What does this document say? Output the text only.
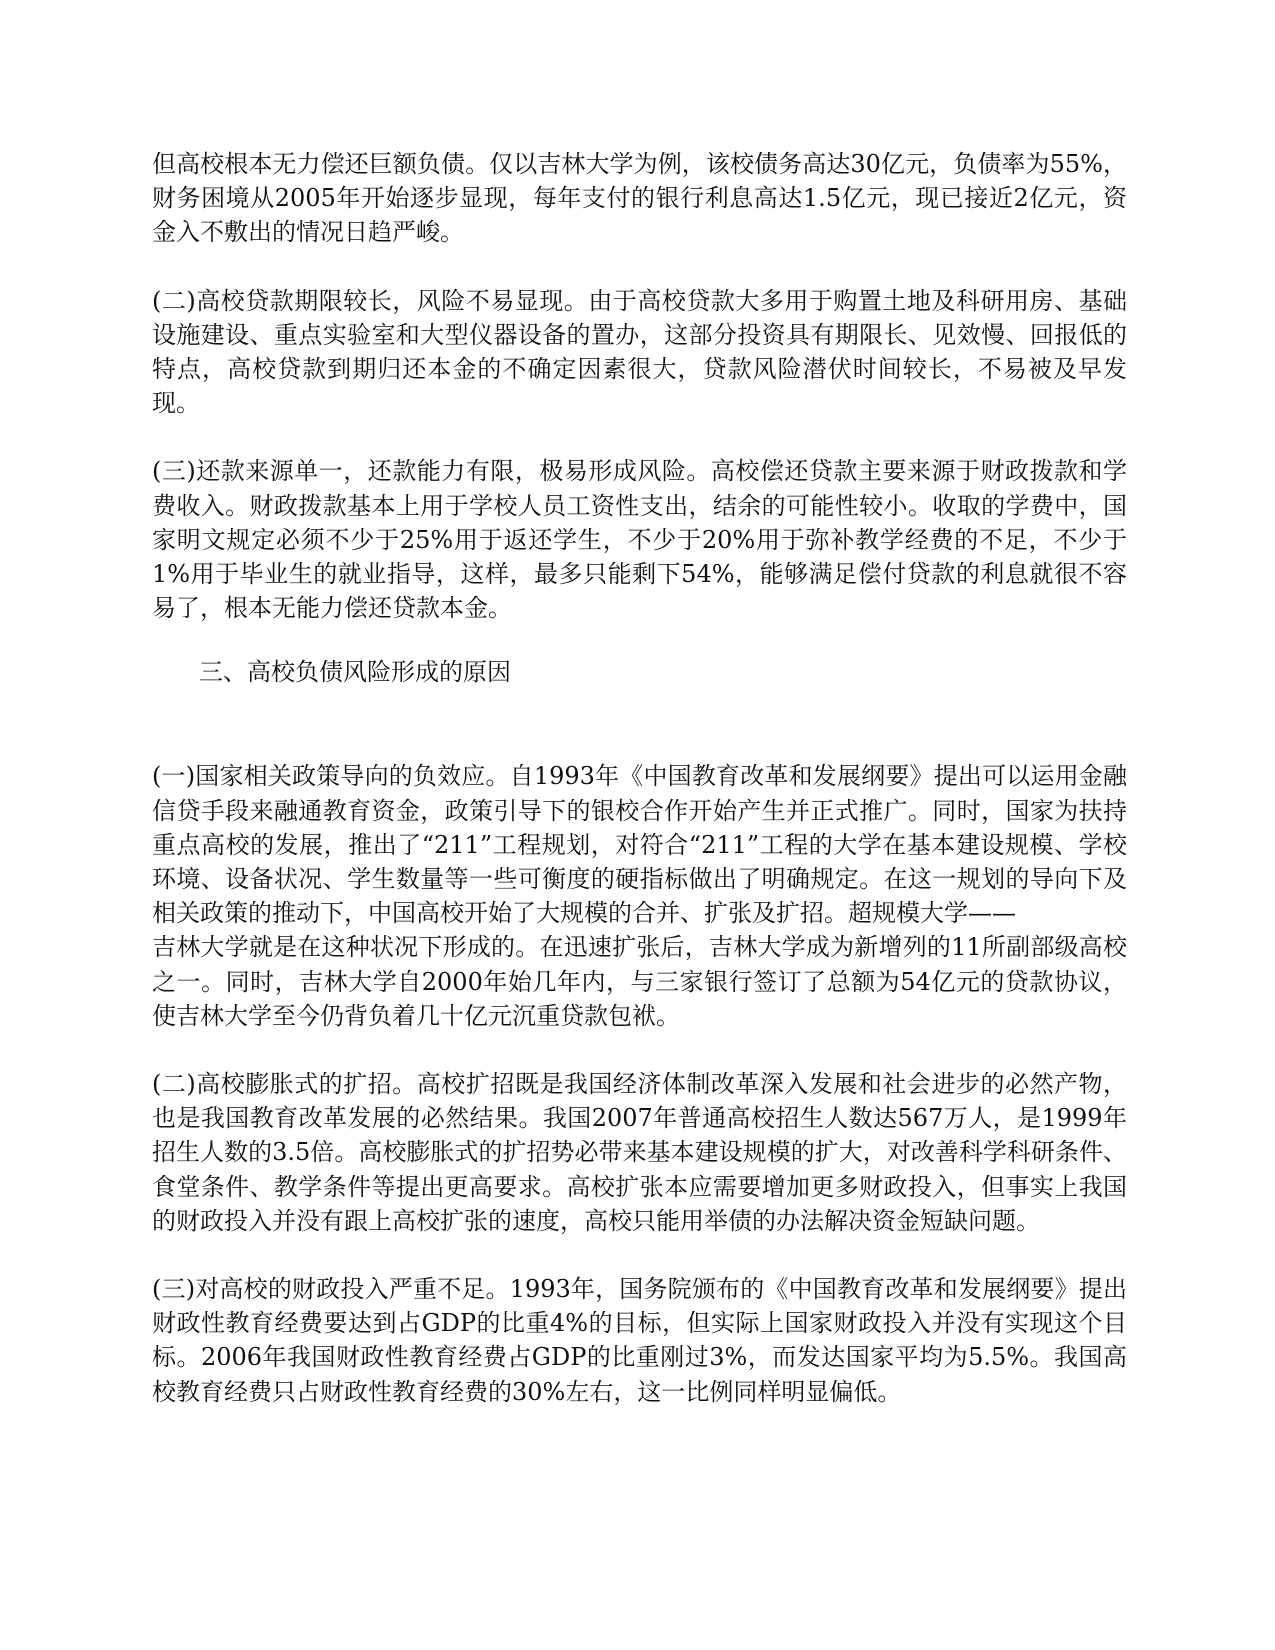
但高校根本无力偿还巨额负债。仅以吉林大学为例，该校债务高达30亿元，负债率为55%，财务困境从2005年开始逐步显现，每年支付的银行利息高达1.5亿元，现已接近2亿元，资金入不敷出的情况日趋严峻。

(二)高校贷款期限较长，风险不易显现。由于高校贷款大多用于购置土地及科研用房、基础设施建设、重点实验室和大型仪器设备的置办，这部分投资具有期限长、见效慢、回报低的特点，高校贷款到期归还本金的不确定因素很大，贷款风险潜伏时间较长，不易被及早发现。

(三)还款来源单一，还款能力有限，极易形成风险。高校偿还贷款主要来源于财政拨款和学费收入。财政拨款基本上用于学校人员工资性支出，结余的可能性较小。收取的学费中，国家明文规定必须不少于25%用于返还学生，不少于20%用于弥补教学经费的不足，不少于1%用于毕业生的就业指导，这样，最多只能剩下54%，能够满足偿付贷款的利息就很不容易了，根本无能力偿还贷款本金。

三、高校负债风险形成的原因

(一)国家相关政策导向的负效应。自1993年《中国教育改革和发展纲要》提出可以运用金融信贷手段来融通教育资金，政策引导下的银校合作开始产生并正式推广。同时，国家为扶持重点高校的发展，推出了“211”工程规划，对符合“211”工程的大学在基本建设规模、学校环境、设备状况、学生数量等一些可衡度的硬指标做出了明确规定。在这一规划的导向下及相关政策的推动下，中国高校开始了大规模的合并、扩张及扩招。超规模大学——

吉林大学就是在这种状况下形成的。在迅速扩张后，吉林大学成为新增列的11所副部级高校之一。同时，吉林大学自2000年始几年内，与三家银行签订了总额为54亿元的贷款协议，使吉林大学至今仍背负着几十亿元沉重贷款包袱。

(二)高校膨胀式的扩招。高校扩招既是我国经济体制改革深入发展和社会进步的必然产物，也是我国教育改革发展的必然结果。我国2007年普通高校招生人数达567万人，是1999年招生人数的3.5倍。高校膨胀式的扩招势必带来基本建设规模的扩大，对改善科学科研条件、食堂条件、教学条件等提出更高要求。高校扩张本应需要增加更多财政投入，但事实上我国的财政投入并没有跟上高校扩张的速度，高校只能用举债的办法解决资金短缺问题。

(三)对高校的财政投入严重不足。1993年，国务院颁布的《中国教育改革和发展纲要》提出财政性教育经费要达到占GDP的比重4%的目标，但实际上国家财政投入并没有实现这个目标。2006年我国财政性教育经费占GDP的比重刚过3%，而发达国家平均为5.5%。我国高校教育经费只占财政性教育经费的30%左右，这一比例同样明显偏低。
